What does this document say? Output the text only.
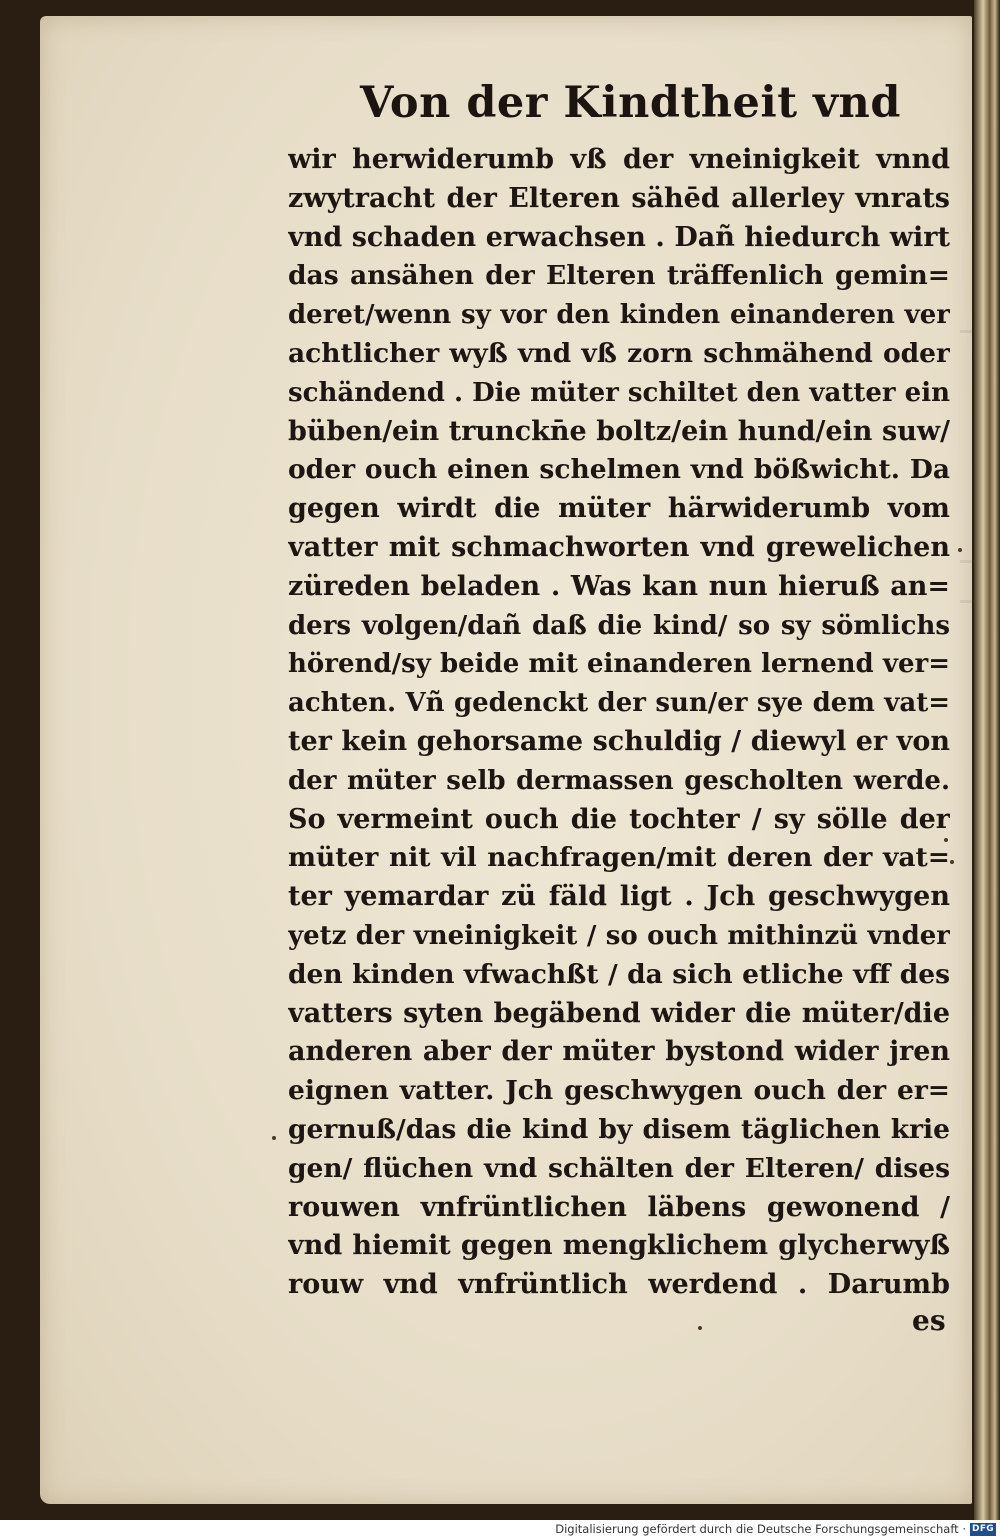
Von der Kindtheit vnd
wir herwiderumb vß der vneinigkeit vnnd
zwytracht der Elteren sähēd allerley vnrats
vnd schaden erwachsen . Dañ hiedurch wirt
das ansähen der Elteren träffenlich gemin=
deret/wenn sy vor den kinden einanderen ver
achtlicher wyß vnd vß zorn schmähend oder
schändend . Die müter schiltet den vatter ein
büben/ein trunckn̄e boltz/ein hund/ein suw/
oder ouch einen schelmen vnd bößwicht. Da
gegen wirdt die müter härwiderumb vom
vatter mit schmachworten vnd grewelichen
züreden beladen . Was kan nun hieruß an=
ders volgen/dañ daß die kind/ so sy sömlichs
hörend/sy beide mit einanderen lernend ver=
achten. Vñ gedenckt der sun/er sye dem vat=
ter kein gehorsame schuldig / diewyl er von
der müter selb dermassen gescholten werde.
So vermeint ouch die tochter / sy sölle der
müter nit vil nachfragen/mit deren der vat=
ter yemardar zü fäld ligt . Jch geschwygen
yetz der vneinigkeit / so ouch mithinzü vnder
den kinden vfwachßt / da sich etliche vff des
vatters syten begäbend wider die müter/die
anderen aber der müter bystond wider jren
eignen vatter. Jch geschwygen ouch der er=
gernuß/das die kind by disem täglichen krie
gen/ flüchen vnd schälten der Elteren/ dises
rouwen vnfrüntlichen läbens gewonend /
vnd hiemit gegen mengklichem glycherwyß
rouw vnd vnfrüntlich werdend . Darumb
es
Digitalisierung gefördert durch die Deutsche Forschungsgemeinschaft · DFG
